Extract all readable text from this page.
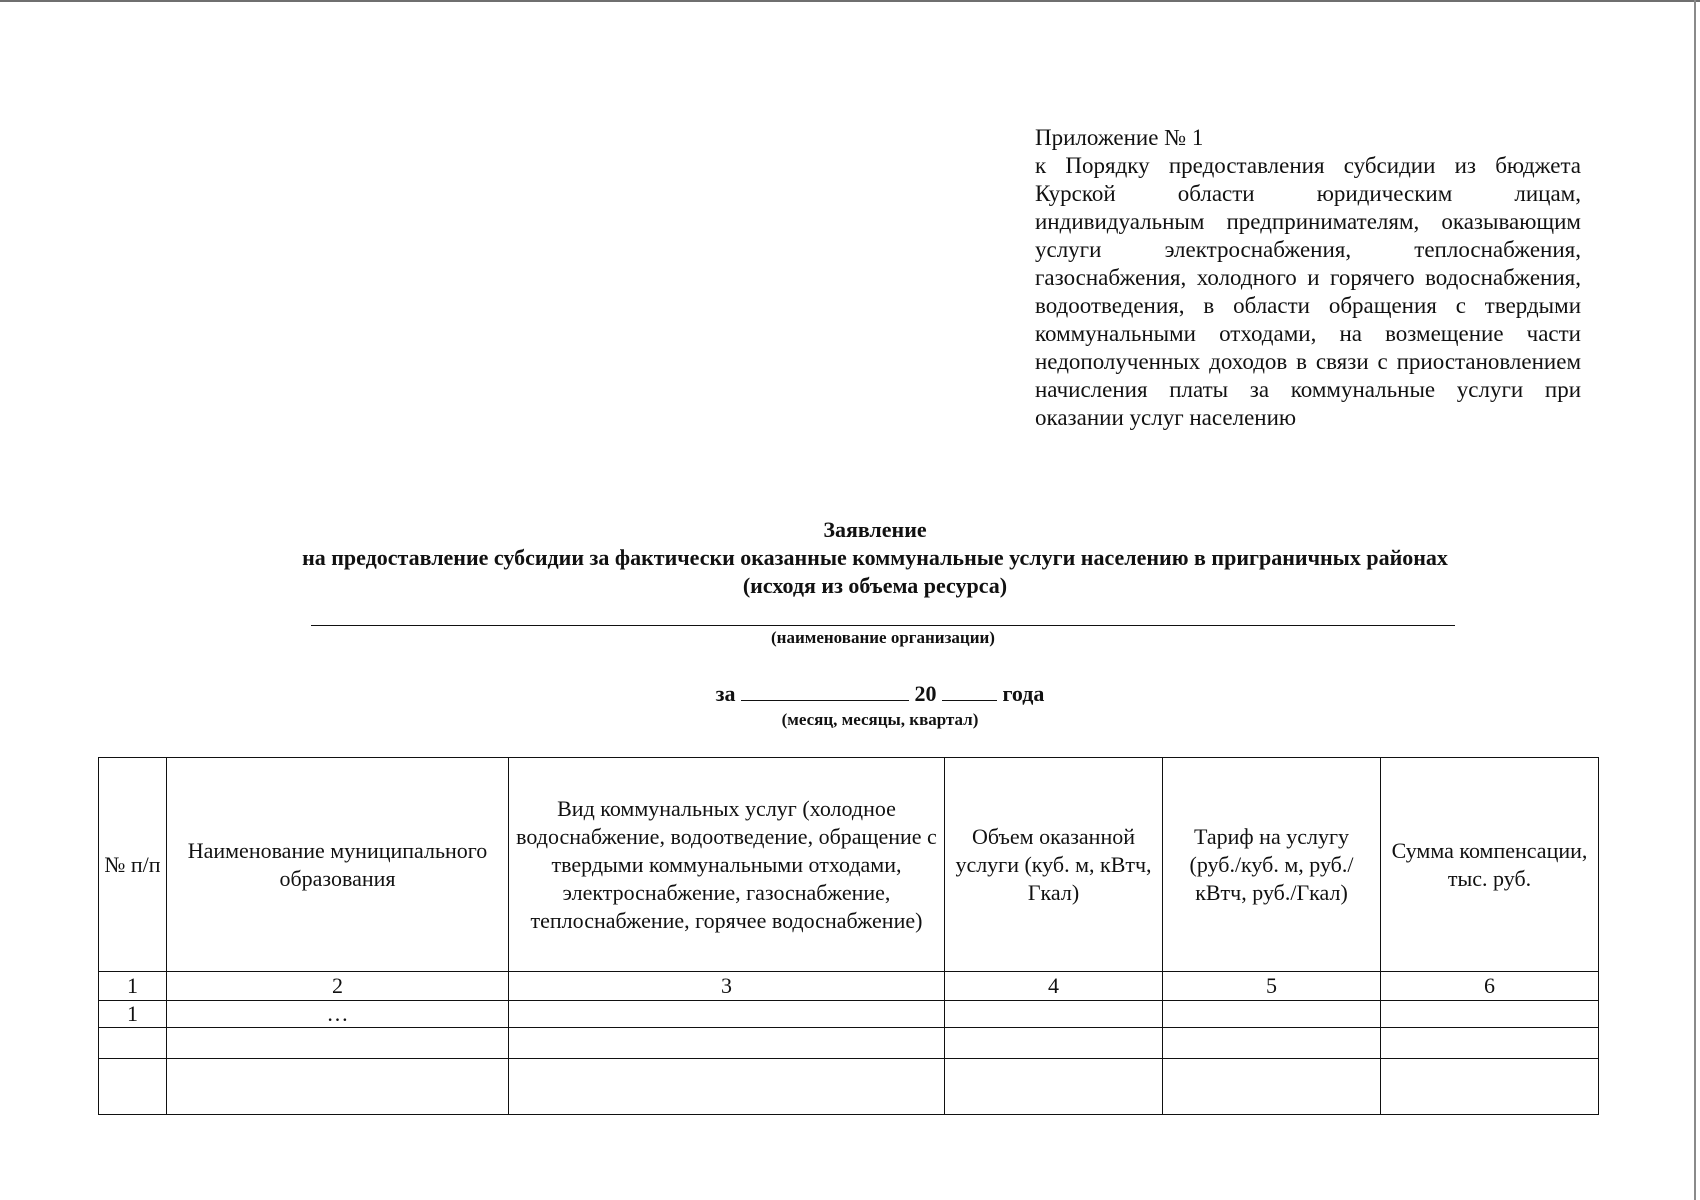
Приложение № 1
к Порядку предоставления субсидии из бюджета Курской области юридическим лицам, индивидуальным предпринимателям, оказывающим услуги электроснабжения, теплоснабжения, газоснабжения, холодного и горячего водоснабжения, водоотведения, в области обращения с твердыми коммунальными отходами, на возмещение части недополученных доходов в связи с приостановлением начисления платы за коммунальные услуги при оказании услуг населению
Заявление
на предоставление субсидии за фактически оказанные коммунальные услуги населению в приграничных районах
(исходя из объема ресурса)
(наименование организации)
за	20	года
(месяц, месяцы, квартал)
№ п/п	Наименование муниципального образования	Вид коммунальных услуг (холодное водоснабжение, водоотведение, обращение с твердыми коммунальными отходами, электроснабжение, газоснабжение, теплоснабжение, горячее водоснабжение)	Объем оказанной услуги (куб. м, кВтч, Гкал)	Тариф на услугу (руб./куб. м, руб./кВтч, руб./Гкал)	Сумма компенсации, тыс. руб.
1	2	3	4	5	6
1	…				
